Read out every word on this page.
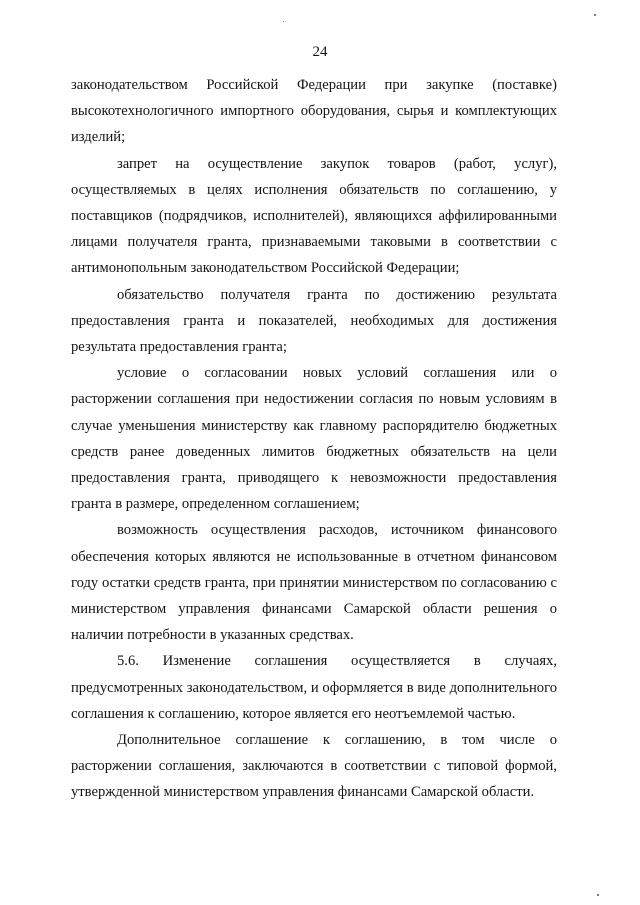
24

законодательством Российской Федерации при закупке (поставке) высокотехнологичного импортного оборудования, сырья и комплектующих изделий;

запрет на осуществление закупок товаров (работ, услуг), осуществляемых в целях исполнения обязательств по соглашению, у поставщиков (подрядчиков, исполнителей), являющихся аффилированными лицами получателя гранта, признаваемыми таковыми в соответствии с антимонопольным законодательством Российской Федерации;

обязательство получателя гранта по достижению результата предоставления гранта и показателей, необходимых для достижения результата предоставления гранта;

условие о согласовании новых условий соглашения или о расторжении соглашения при недостижении согласия по новым условиям в случае уменьшения министерству как главному распорядителю бюджетных средств ранее доведенных лимитов бюджетных обязательств на цели предоставления гранта, приводящего к невозможности предоставления гранта в размере, определенном соглашением;

возможность осуществления расходов, источником финансового обеспечения которых являются не использованные в отчетном финансовом году остатки средств гранта, при принятии министерством по согласованию с министерством управления финансами Самарской области решения о наличии потребности в указанных средствах.

5.6. Изменение соглашения осуществляется в случаях, предусмотренных законодательством, и оформляется в виде дополнительного соглашения к соглашению, которое является его неотъемлемой частью.

Дополнительное соглашение к соглашению, в том числе о расторжении соглашения, заключаются в соответствии с типовой формой, утвержденной министерством управления финансами Самарской области.
